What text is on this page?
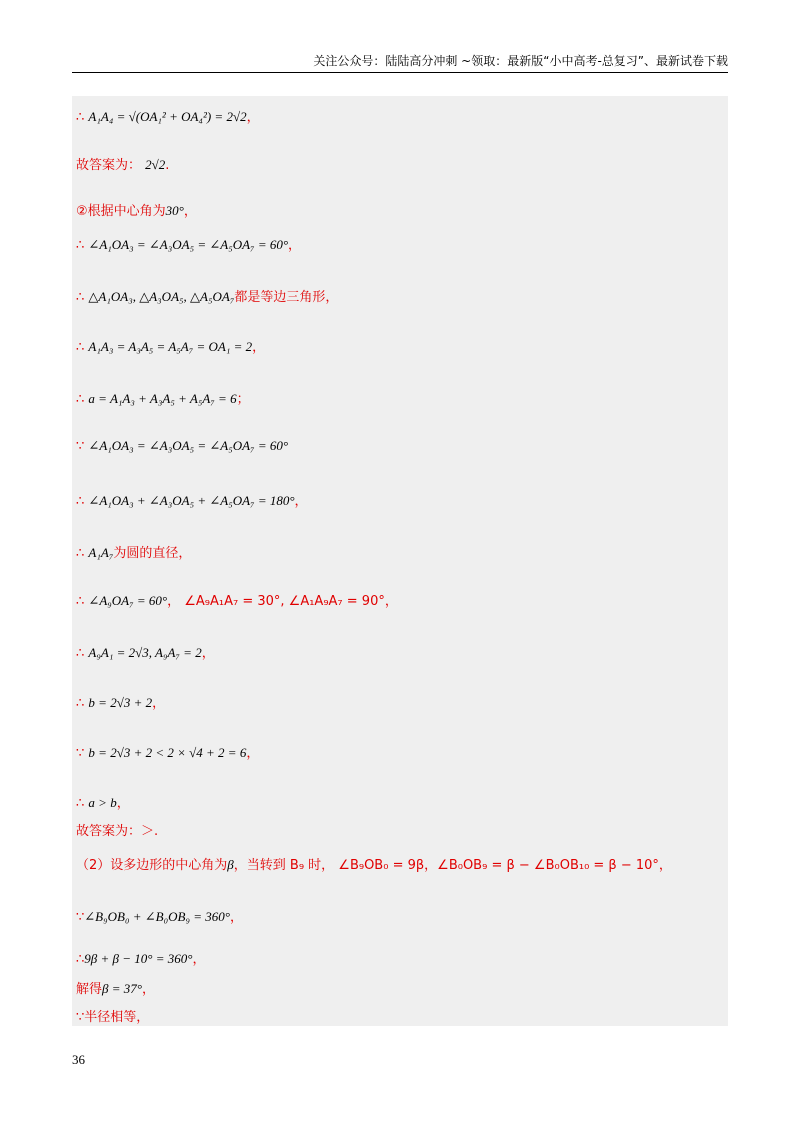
关注公众号：陆陆高分冲刺 ~领取：最新版“小中高考-总复习”、最新试卷下载
∴ A₁A₄ = √(OA₁² + OA₄²) = 2√2，
故答案为： 2√2.
②根据中心角为30°，
∴ ∠A₁OA₃ = ∠A₃OA₅ = ∠A₅OA₇ = 60°，
∴ △A₁OA₃, △A₃OA₅, △A₅OA₇都是等边三角形，
∴ A₁A₃ = A₃A₅ = A₅A₇ = OA₁ = 2，
∴ a = A₁A₃ + A₃A₅ + A₅A₇ = 6；
∵ ∠A₁OA₃ = ∠A₃OA₅ = ∠A₅OA₇ = 60°
∴ ∠A₁OA₃ + ∠A₃OA₅ + ∠A₅OA₇ = 180°，
∴ A₁A₇为圆的直径，
∴ ∠A₉OA₇ = 60°， ∠A₉A₁A₇ = 30°, ∠A₁A₉A₇ = 90°，
∴ A₉A₁ = 2√3, A₉A₇ = 2，
∴ b = 2√3 + 2，
∵ b = 2√3 + 2 < 2 × √4 + 2 = 6，
∴ a > b，
故答案为：＞.
（2）设多边形的中心角为β，当转到 B₉ 时， ∠B₉OB₀ = 9β，∠B₀OB₉ = β − ∠B₀OB₁₀ = β − 10°，
∵∠B₉OB₀ + ∠B₀OB₉ = 360°，
∴9β + β − 10° = 360°，
解得β = 37°，
∵半径相等，
36
